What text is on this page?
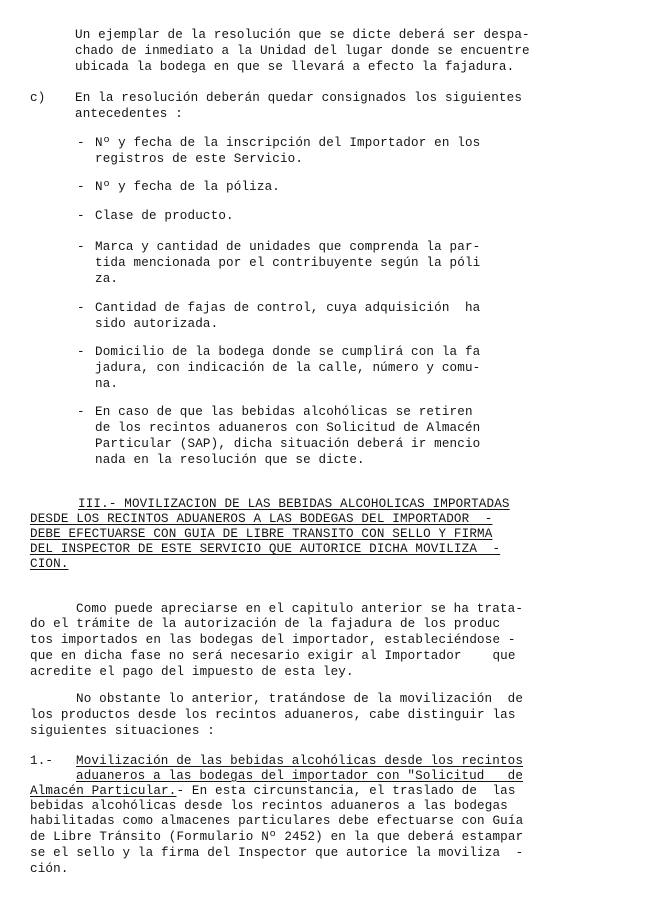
Un ejemplar de la resolución que se dicte deberá ser despa-
chado de inmediato a la Unidad del lugar donde se encuentre
ubicada la bodega en que se llevará a efecto la fajadura.
c) En la resolución deberán quedar consignados los siguientes
antecedentes :
- Nº y fecha de la inscripción del Importador en los
registros de este Servicio.
- Nº y fecha de la póliza.
- Clase de producto.
- Marca y cantidad de unidades que comprenda la par-
tida mencionada por el contribuyente según la póli
za.
- Cantidad de fajas de control, cuya adquisición  ha
sido autorizada.
- Domicilio de la bodega donde se cumplirá con la fa
jadura, con indicación de la calle, número y comu-
na.
- En caso de que las bebidas alcohólicas se retiren
de los recintos aduaneros con Solicitud de Almacén
Particular (SAP), dicha situación deberá ir mencio
nada en la resolución que se dicte.
III.- MOVILIZACION DE LAS BEBIDAS ALCOHOLICAS IMPORTADAS
DESDE LOS RECINTOS ADUANEROS A LAS BODEGAS DEL IMPORTADOR  -
DEBE EFECTUARSE CON GUIA DE LIBRE TRANSITO CON SELLO Y FIRMA
DEL INSPECTOR DE ESTE SERVICIO QUE AUTORICE DICHA MOVILIZA  -
CION.
Como puede apreciarse en el capitulo anterior se ha trata-
do el trámite de la autorización de la fajadura de los produc
tos importados en las bodegas del importador, estableciéndose -
que en dicha fase no será necesario exigir al Importador    que
acredite el pago del impuesto de esta ley.
No obstante lo anterior, tratándose de la movilización  de
los productos desde los recintos aduaneros, cabe distinguir las
siguientes situaciones :
1.- Movilización de las bebidas alcohólicas desde los recintos
aduaneros a las bodegas del importador con "Solicitud   de
Almacén Particular.- En esta circunstancia, el traslado de  las
bebidas alcohólicas desde los recintos aduaneros a las bodegas
habilitadas como almacenes particulares debe efectuarse con Guía
de Libre Tránsito (Formulario Nº 2452) en la que deberá estampar
se el sello y la firma del Inspector que autorice la moviliza  -
ción.
